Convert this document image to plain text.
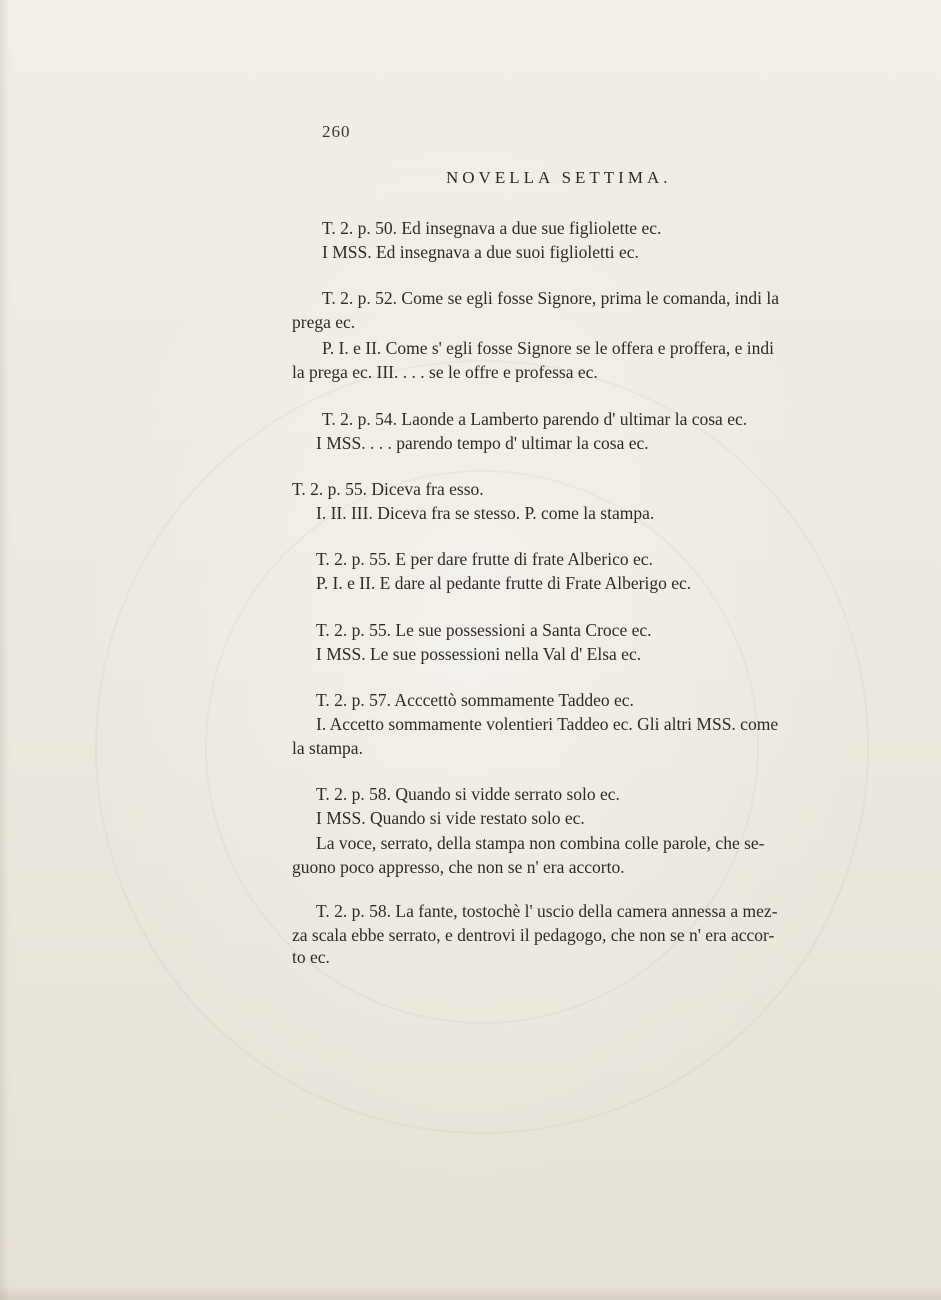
260
NOVELLA SETTIMA.
T. 2. p. 50. Ed insegnava a due sue figliolette ec.
I MSS. Ed insegnava a due suoi figlioletti ec.
T. 2. p. 52. Come se egli fosse Signore, prima le comanda, indi la
prega ec.
P. I. e II. Come s' egli fosse Signore se le offera e proffera, e indi
la prega ec. III. . . . se le offre e professa ec.
T. 2. p. 54. Laonde a Lamberto parendo d' ultimar la cosa ec.
I MSS. . . . parendo tempo d' ultimar la cosa ec.
T. 2. p. 55. Diceva fra esso.
I. II. III. Diceva fra se stesso. P. come la stampa.
T. 2. p. 55. E per dare frutte di frate Alberico ec.
P. I. e II. E dare al pedante frutte di Frate Alberigo ec.
T. 2. p. 55. Le sue possessioni a Santa Croce ec.
I MSS. Le sue possessioni nella Val d' Elsa ec.
T. 2. p. 57. Acccettò sommamente Taddeo ec.
I. Accetto sommamente volentieri Taddeo ec. Gli altri MSS. come
la stampa.
T. 2. p. 58. Quando si vidde serrato solo ec.
I MSS. Quando si vide restato solo ec.
La voce, serrato, della stampa non combina colle parole, che se-
guono poco appresso, che non se n' era accorto.
T. 2. p. 58. La fante, tostochè l' uscio della camera annessa a mez-
za scala ebbe serrato, e dentrovi il pedagogo, che non se n' era accor-
to ec.
